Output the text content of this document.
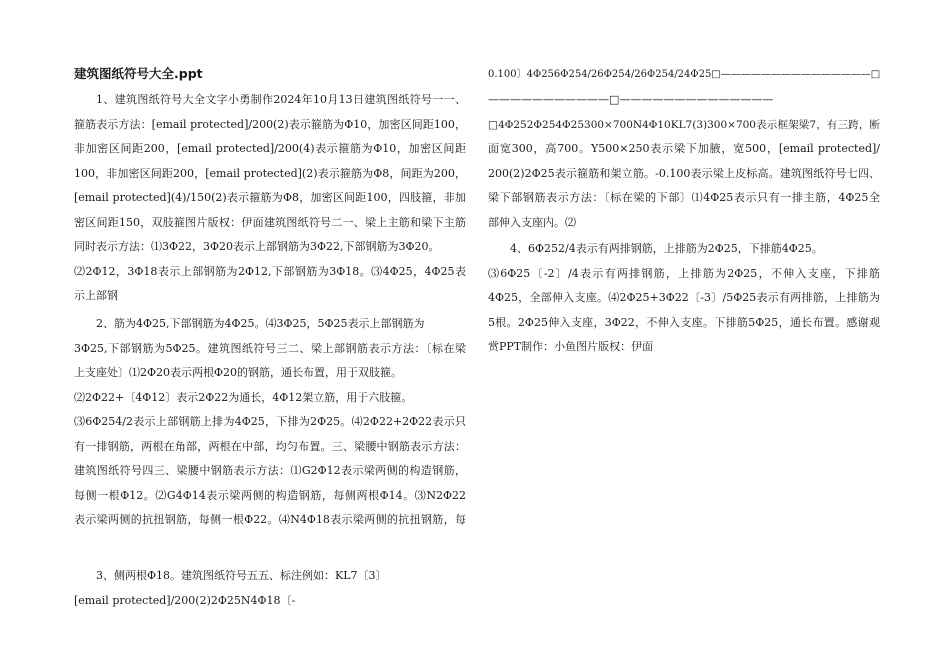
建筑图纸符号大全.ppt
1、建筑图纸符号大全文字小勇制作2024年10月13日建筑图纸符号一一、
箍筋表示方法：[email protected]/200(2)表示箍筋为Φ10，加密区间距100，
非加密区间距200，[email protected]/200(4)表示箍筋为Φ10，加密区间距
100，非加密区间距200，[email protected](2)表示箍筋为Φ8，间距为200，
[email protected](4)/150(2)表示箍筋为Φ8，加密区间距100，四肢箍，非加
密区间距150，双肢箍图片版权：伊面建筑图纸符号二一、梁上主筋和梁下主筋
同时表示方法：⑴3Φ22，3Φ20表示上部钢筋为3Φ22,下部钢筋为3Φ20。
⑵2Φ12，3Φ18表示上部钢筋为2Φ12,下部钢筋为3Φ18。⑶4Φ25，4Φ25表
示上部钢
2、筋为4Φ25,下部钢筋为4Φ25。⑷3Φ25，5Φ25表示上部钢筋为
3Φ25,下部钢筋为5Φ25。建筑图纸符号三二、梁上部钢筋表示方法：〔标在梁
上支座处〕⑴2Φ20表示两根Φ20的钢筋，通长布置，用于双肢箍。
⑵2Φ22+〔4Φ12〕表示2Φ22为通长，4Φ12架立筋，用于六肢箍。
⑶6Φ254/2表示上部钢筋上排为4Φ25，下排为2Φ25。⑷2Φ22+2Φ22表示只
有一排钢筋，两根在角部，两根在中部，均匀布置。三、梁腰中钢筋表示方法：
建筑图纸符号四三、梁腰中钢筋表示方法：⑴G2Φ12表示梁两侧的构造钢筋，
每侧一根Φ12。⑵G4Φ14表示梁两侧的构造钢筋，每侧两根Φ14。⑶N2Φ22
表示梁两侧的抗扭钢筋，每侧一根Φ22。⑷N4Φ18表示梁两侧的抗扭钢筋，每
3、侧两根Φ18。建筑图纸符号五五、标注例如：KL7〔3〕
[email protected]/200(2)2Φ25N4Φ18〔-
0.100〕4Φ256Φ254/26Φ254/26Φ254/24Φ25□———————————————□
———————————□——————————————
□4Φ252Φ254Φ25300×700N4Φ10KL7(3)300×700表示框架梁7，有三跨，断
面宽300，高700。Y500×250表示梁下加腋，宽500，[email protected]/
200(2)2Φ25表示箍筋和架立筋。-0.100表示梁上皮标高。建筑图纸符号七四、
梁下部钢筋表示方法：〔标在梁的下部〕⑴4Φ25表示只有一排主筋，4Φ25全
部伸入支座内。⑵
4、6Φ252/4表示有两排钢筋，上排筋为2Φ25，下排筋4Φ25。
⑶6Φ25〔-2〕/4表示有两排钢筋，上排筋为2Φ25，不伸入支座，下排筋
4Φ25，全部伸入支座。⑷2Φ25+3Φ22〔-3〕/5Φ25表示有两排筋，上排筋为
5根。2Φ25伸入支座，3Φ22，不伸入支座。下排筋5Φ25，通长布置。感谢观
赏PPT制作：小鱼图片版权：伊面
